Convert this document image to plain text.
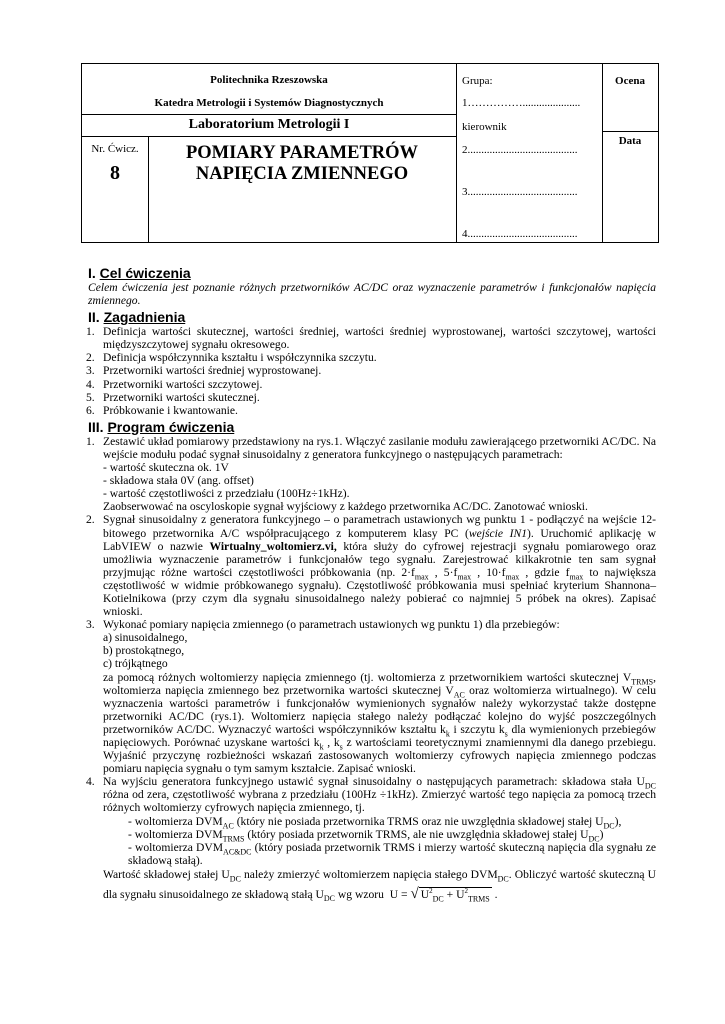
Politechnika Rzeszowska
Katedra Metrologii i Systemów Diagnostycznych
Laboratorium Metrologii I
Nr. Ćwicz.
8
POMIARY PARAMETRÓW
NAPIĘCIA ZMIENNEGO
Grupa:
1…………….....................
kierownik
2........................................
3........................................
4........................................
Ocena
Data
I. Cel ćwiczenia
Celem ćwiczenia jest poznanie różnych przetworników AC/DC oraz wyznaczenie parametrów i funkcjonałów napięcia zmiennego.
II. Zagadnienia
1. Definicja wartości skutecznej, wartości średniej, wartości średniej wyprostowanej, wartości szczytowej, wartości międzyszczytowej sygnału okresowego.
2. Definicja współczynnika kształtu i współczynnika szczytu.
3. Przetworniki wartości średniej wyprostowanej.
4. Przetworniki wartości szczytowej.
5. Przetworniki wartości skutecznej.
6. Próbkowanie i kwantowanie.
III. Program ćwiczenia
1. Zestawić układ pomiarowy przedstawiony na rys.1. Włączyć zasilanie modułu zawierającego przetworniki AC/DC. Na wejście modułu podać sygnał sinusoidalny z generatora funkcyjnego o następujących parametrach:
- wartość skuteczna ok. 1V
- składowa stała 0V (ang. offset)
- wartość częstotliwości z przedziału (100Hz÷1kHz).
Zaobserwować na oscyloskopie sygnał wyjściowy z każdego przetwornika AC/DC. Zanotować wnioski.
2. Sygnał sinusoidalny z generatora funkcyjnego – o parametrach ustawionych wg punktu 1 - podłączyć na wejście 12-bitowego przetwornika A/C współpracującego z komputerem klasy PC (wejście IN1). Uruchomić aplikację w LabVIEW o nazwie Wirtualny_woltomierz.vi, która służy do cyfrowej rejestracji sygnału pomiarowego oraz umożliwia wyznaczenie parametrów i funkcjonałów tego sygnału. Zarejestrować kilkakrotnie ten sam sygnał przyjmując różne wartości częstotliwości próbkowania (np. $2\cdot f_{max}$ , $5\cdot f_{max}$ , $10\cdot f_{max}$ , gdzie $f_{max}$ to największa częstotliwość w widmie próbkowanego sygnału). Częstotliwość próbkowania musi spełniać kryterium Shannona–Kotielnikowa (przy czym dla sygnału sinusoidalnego należy pobierać co najmniej 5 próbek na okres). Zapisać wnioski.
3. Wykonać pomiary napięcia zmiennego (o parametrach ustawionych wg punktu 1) dla przebiegów:
a) sinusoidalnego,
b) prostokątnego,
c) trójkątnego
za pomocą różnych woltomierzy napięcia zmiennego (tj. woltomierza z przetwornikiem wartości skutecznej $V_{TRMS}$, woltomierza napięcia zmiennego bez przetwornika wartości skutecznej $V_{AC}$ oraz woltomierza wirtualnego). W celu wyznaczenia wartości parametrów i funkcjonałów wymienionych sygnałów należy wykorzystać także dostępne przetworniki AC/DC (rys.1). Woltomierz napięcia stałego należy podłączać kolejno do wyjść poszczególnych przetworników AC/DC. Wyznaczyć wartości współczynników kształtu $k_k$ i szczytu $k_s$ dla wymienionych przebiegów napięciowych. Porównać uzyskane wartości $k_k$ , $k_s$ z wartościami teoretycznymi znamiennymi dla danego przebiegu. Wyjaśnić przyczynę rozbieżności wskazań zastosowanych woltomierzy cyfrowych napięcia zmiennego podczas pomiaru napięcia sygnału o tym samym kształcie. Zapisać wnioski.
4. Na wyjściu generatora funkcyjnego ustawić sygnał sinusoidalny o następujących parametrach: składowa stała $U_{DC}$ różna od zera, częstotliwość wybrana z przedziału (100Hz ÷1kHz). Zmierzyć wartość tego napięcia za pomocą trzech różnych woltomierzy cyfrowych napięcia zmiennego, tj.
- woltomierza $DVM_{AC}$ (który nie posiada przetwornika TRMS oraz nie uwzględnia składowej stałej $U_{DC}$),
- woltomierza $DVM_{TRMS}$ (który posiada przetwornik TRMS, ale nie uwzględnia składowej stałej $U_{DC}$)
- woltomierza $DVM_{AC\&DC}$ (który posiada przetwornik TRMS i mierzy wartość skuteczną napięcia dla sygnału ze składową stałą).
Wartość składowej stałej $U_{DC}$ należy zmierzyć woltomierzem napięcia stałego $DVM_{DC}$. Obliczyć wartość skuteczną U dla sygnału sinusoidalnego ze składową stałą $U_{DC}$ wg wzoru U = √ $U^2_{DC} + U^2_{TRMS}$ .
